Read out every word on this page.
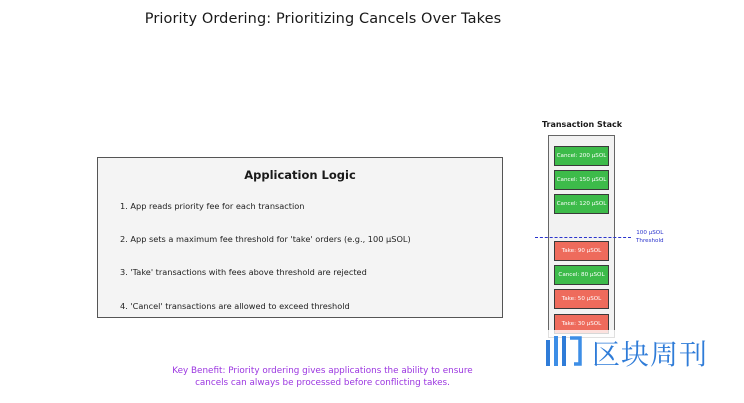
Priority Ordering: Prioritizing Cancels Over Takes
Application Logic
1. App reads priority fee for each transaction
2. App sets a maximum fee threshold for 'take' orders (e.g., 100 μSOL)
3. 'Take' transactions with fees above threshold are rejected
4. 'Cancel' transactions are allowed to exceed threshold
Transaction Stack
Cancel: 200 μSOL
Cancel: 150 μSOL
Cancel: 120 μSOL
Take: 90 μSOL
Cancel: 80 μSOL
Take: 50 μSOL
Take: 30 μSOL
100 μSOL
Threshold
Key Benefit: Priority ordering gives applications the ability to ensure
cancels can always be processed before conflicting takes.
区块周刊
